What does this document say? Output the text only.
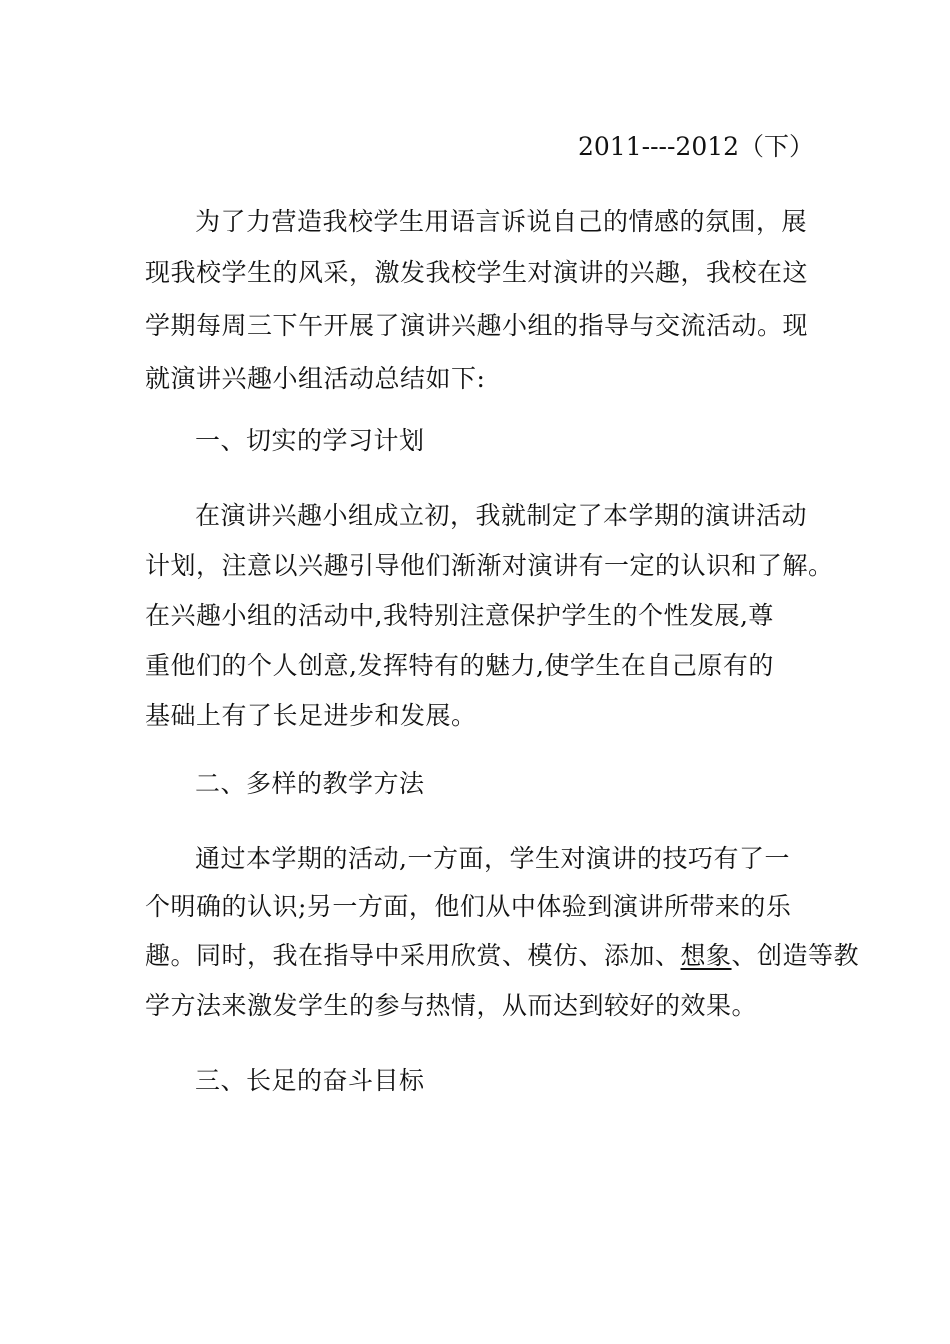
2011----2012（下）
为了力营造我校学生用语言诉说自己的情感的氛围，展
现我校学生的风采，激发我校学生对演讲的兴趣，我校在这
学期每周三下午开展了演讲兴趣小组的指导与交流活动。现
就演讲兴趣小组活动总结如下:
一、切实的学习计划
在演讲兴趣小组成立初，我就制定了本学期的演讲活动
计划，注意以兴趣引导他们渐渐对演讲有一定的认识和了解。
在兴趣小组的活动中,我特别注意保护学生的个性发展,尊
重他们的个人创意,发挥特有的魅力,使学生在自己原有的
基础上有了长足进步和发展。
二、多样的教学方法
通过本学期的活动,一方面，学生对演讲的技巧有了一
个明确的认识;另一方面，他们从中体验到演讲所带来的乐
趣。同时，我在指导中采用欣赏、模仿、添加、想象、创造等教
学方法来激发学生的参与热情，从而达到较好的效果。
三、长足的奋斗目标
